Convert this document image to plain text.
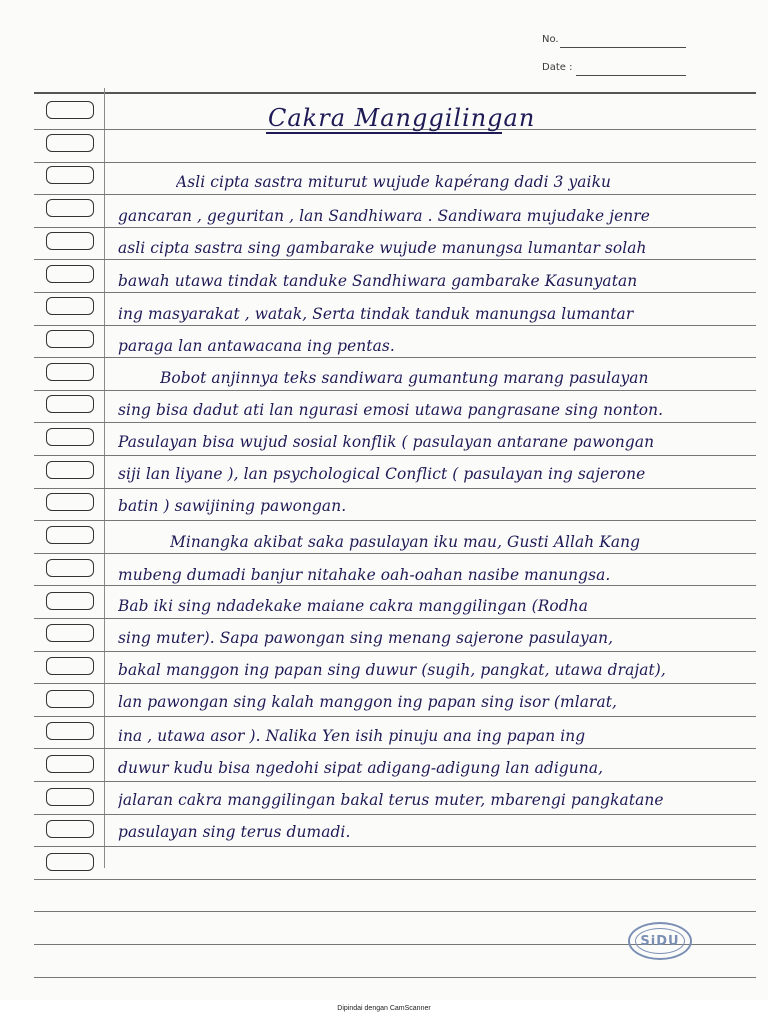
No.
Date :
Cakra Manggilingan
Asli cipta sastra miturut wujude kapérang dadi 3 yaiku
gancaran , geguritan , lan Sandhiwara . Sandiwara mujudake jenre
asli cipta sastra sing gambarake wujude manungsa lumantar solah
bawah utawa tindak tanduke Sandhiwara gambarake Kasunyatan
ing masyarakat , watak, Serta tindak tanduk manungsa lumantar
paraga lan antawacana ing pentas.
Bobot anjinnya teks sandiwara gumantung marang pasulayan
sing bisa dadut ati lan ngurasi emosi utawa pangrasane sing nonton.
Pasulayan bisa wujud sosial konflik ( pasulayan antarane pawongan
siji lan liyane ), lan psychological Conflict ( pasulayan ing sajerone
batin ) sawijining pawongan.
Minangka akibat saka pasulayan iku mau, Gusti Allah Kang
mubeng dumadi banjur nitahake oah-oahan nasibe manungsa.
Bab iki sing ndadekake maiane cakra manggilingan (Rodha
sing muter). Sapa pawongan sing menang sajerone pasulayan,
bakal manggon ing papan sing duwur (sugih, pangkat, utawa drajat),
lan pawongan sing kalah manggon ing papan sing isor (mlarat,
ina , utawa asor ). Nalika Yen isih pinuju ana ing papan ing
duwur kudu bisa ngedohi sipat adigang-adigung lan adiguna,
jalaran cakra manggilingan bakal terus muter, mbarengi pangkatane
pasulayan sing terus dumadi.
SiDU
Dipindai dengan CamScanner
